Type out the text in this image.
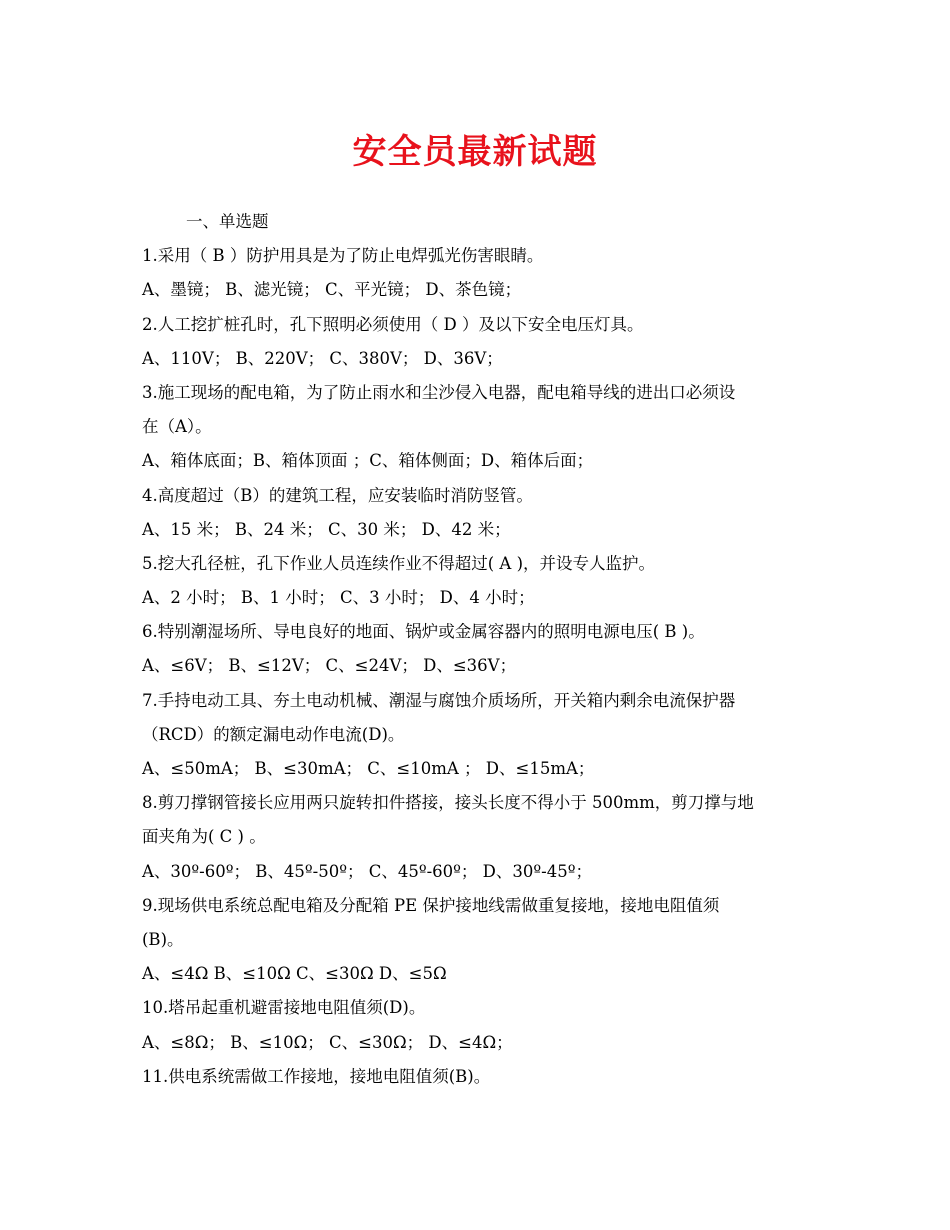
安全员最新试题
一、单选题
1.采用（ B ）防护用具是为了防止电焊弧光伤害眼睛。
A、墨镜； B、滤光镜； C、平光镜； D、茶色镜；
2.人工挖扩桩孔时，孔下照明必须使用（ D ）及以下安全电压灯具。
A、110V； B、220V； C、380V； D、36V；
3.施工现场的配电箱，为了防止雨水和尘沙侵入电器，配电箱导线的进出口必须设
在（A）。
A、箱体底面；B、箱体顶面 ；C、箱体侧面；D、箱体后面；
4.高度超过（B）的建筑工程，应安装临时消防竖管。
A、15 米； B、24 米； C、30 米； D、42 米；
5.挖大孔径桩，孔下作业人员连续作业不得超过( A )，并设专人监护。
A、2 小时； B、1 小时； C、3 小时； D、4 小时；
6.特别潮湿场所、导电良好的地面、锅炉或金属容器内的照明电源电压( B )。
A、≤6V； B、≤12V； C、≤24V； D、≤36V；
7.手持电动工具、夯土电动机械、潮湿与腐蚀介质场所，开关箱内剩余电流保护器
（RCD）的额定漏电动作电流(D)。
A、≤50mA； B、≤30mA； C、≤10mA ； D、≤15mA；
8.剪刀撑钢管接长应用两只旋转扣件搭接，接头长度不得小于 500mm，剪刀撑与地
面夹角为( C ) 。
A、30º-60º； B、45º-50º； C、45º-60º； D、30º-45º；
9.现场供电系统总配电箱及分配箱 PE 保护接地线需做重复接地，接地电阻值须
(B)。
A、≤4Ω B、≤10Ω C、≤30Ω D、≤5Ω
10.塔吊起重机避雷接地电阻值须(D)。
A、≤8Ω； B、≤10Ω； C、≤30Ω； D、≤4Ω；
11.供电系统需做工作接地，接地电阻值须(B)。
